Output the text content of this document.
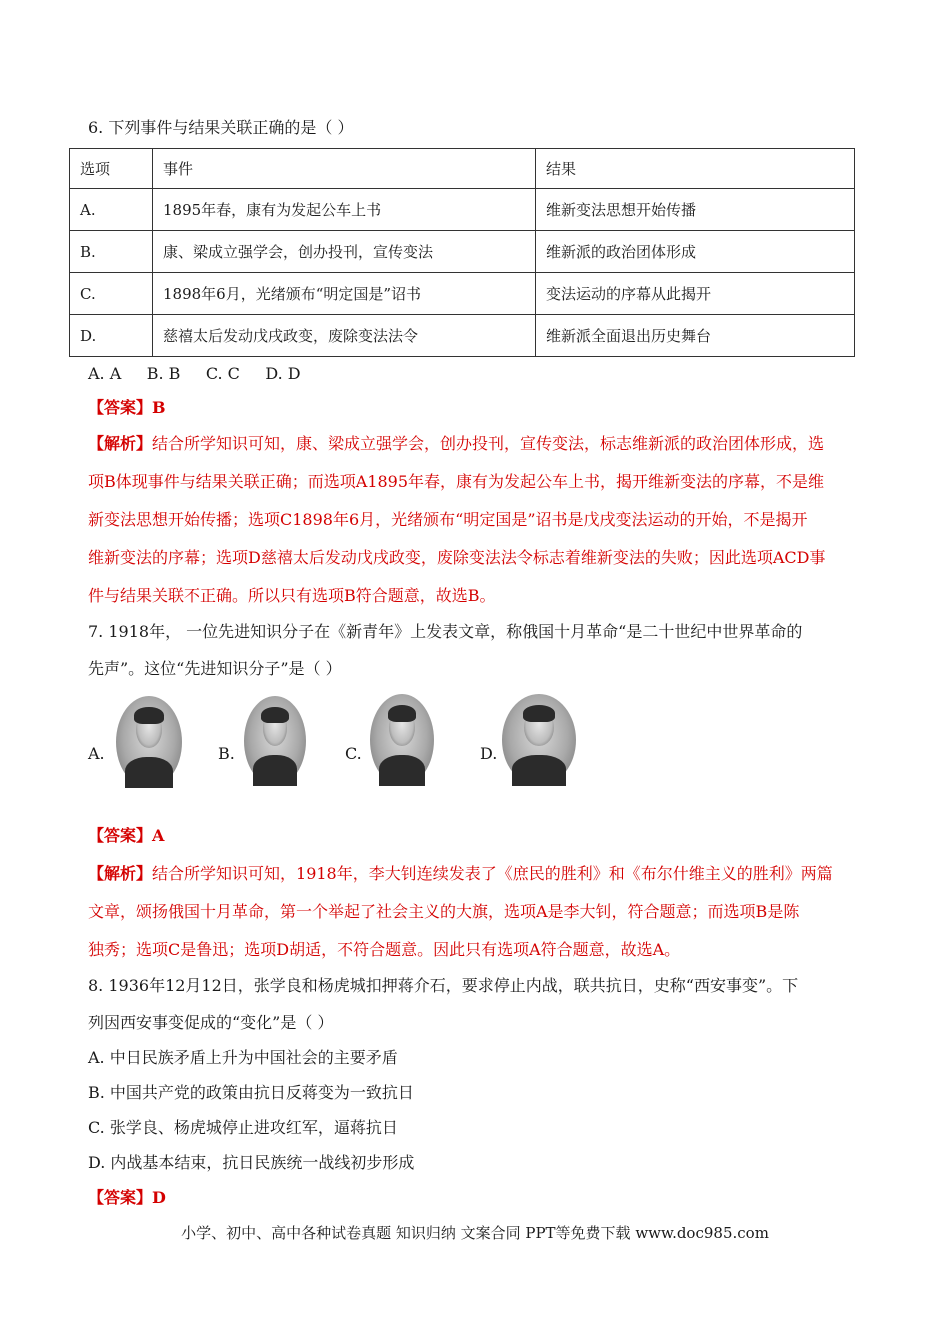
6. 下列事件与结果关联正确的是（ ）
选项	事件	结果
A.	1895年春，康有为发起公车上书	维新变法思想开始传播
B.	康、梁成立强学会，创办投刊，宣传变法	维新派的政治团体形成
C.	1898年6月，光绪颁布“明定国是”诏书	变法运动的序幕从此揭开
D.	慈禧太后发动戊戌政变，废除变法法令	维新派全面退出历史舞台
A. A     B. B     C. C     D. D
【答案】B
【解析】结合所学知识可知，康、梁成立强学会，创办投刊，宣传变法，标志维新派的政治团体形成，选
项B体现事件与结果关联正确；而选项A1895年春，康有为发起公车上书，揭开维新变法的序幕，不是维
新变法思想开始传播；选项C1898年6月，光绪颁布“明定国是”诏书是戊戌变法运动的开始，不是揭开
维新变法的序幕；选项D慈禧太后发动戊戌政变，废除变法法令标志着维新变法的失败；因此选项ACD事
件与结果关联不正确。所以只有选项B符合题意，故选B。
7. 1918年， 一位先进知识分子在《新青年》上发表文章，称俄国十月革命“是二十世纪中世界革命的
先声”。这位“先进知识分子”是（ ）
A.	B.	C.	D.
【答案】A
【解析】结合所学知识可知，1918年，李大钊连续发表了《庶民的胜利》和《布尔什维主义的胜利》两篇
文章，颂扬俄国十月革命，第一个举起了社会主义的大旗，选项A是李大钊，符合题意；而选项B是陈
独秀；选项C是鲁迅；选项D胡适，不符合题意。因此只有选项A符合题意，故选A。
8. 1936年12月12日，张学良和杨虎城扣押蒋介石，要求停止内战，联共抗日，史称“西安事变”。下
列因西安事变促成的“变化”是（ ）
A. 中日民族矛盾上升为中国社会的主要矛盾
B. 中国共产党的政策由抗日反蒋变为一致抗日
C. 张学良、杨虎城停止进攻红军，逼蒋抗日
D. 内战基本结束，抗日民族统一战线初步形成
【答案】D
小学、初中、高中各种试卷真题 知识归纳 文案合同 PPT等免费下载 www.doc985.com
